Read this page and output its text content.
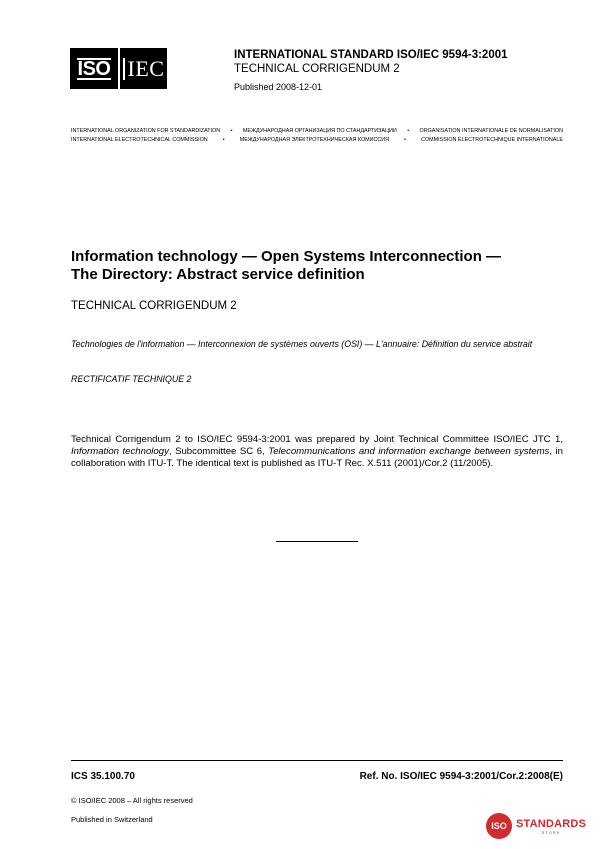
ISO IEC
INTERNATIONAL STANDARD ISO/IEC 9594-3:2001
TECHNICAL CORRIGENDUM 2
Published 2008-12-01
INTERNATIONAL ORGANIZATION FOR STANDARDIZATION	•	МЕЖДУНАРОДНАЯ ОРГАНИЗАЦИЯ ПО СТАНДАРТИЗАЦИИ	•	ORGANISATION INTERNATIONALE DE NORMALISATION
INTERNATIONAL ELECTROTECHNICAL COMMISSION	•	МЕЖДУНАРОДНАЯ ЭЛЕКТРОТЕХНИЧЕСКАЯ КОМИССИЯ	•	COMMISSION ÉLECTROTECHNIQUE INTERNATIONALE
Information technology — Open Systems Interconnection —
The Directory: Abstract service definition
TECHNICAL CORRIGENDUM 2
Technologies de l'information — Interconnexion de systèmes ouverts (OSI) — L'annuaire: Définition du service abstrait
RECTIFICATIF TECHNIQUE 2

Technical Corrigendum 2 to ISO/IEC 9594-3:2001 was prepared by Joint Technical Committee ISO/IEC JTC 1, Information technology, Subcommittee SC 6, Telecommunications and information exchange between systems, in collaboration with ITU-T. The identical text is published as ITU-T Rec. X.511 (2001)/Cor.2 (11/2005).

ICS 35.100.70	Ref. No. ISO/IEC 9594-3:2001/Cor.2:2008(E)
© ISO/IEC 2008 – All rights reserved
Published in Switzerland
ISO STANDARDS
STORE
